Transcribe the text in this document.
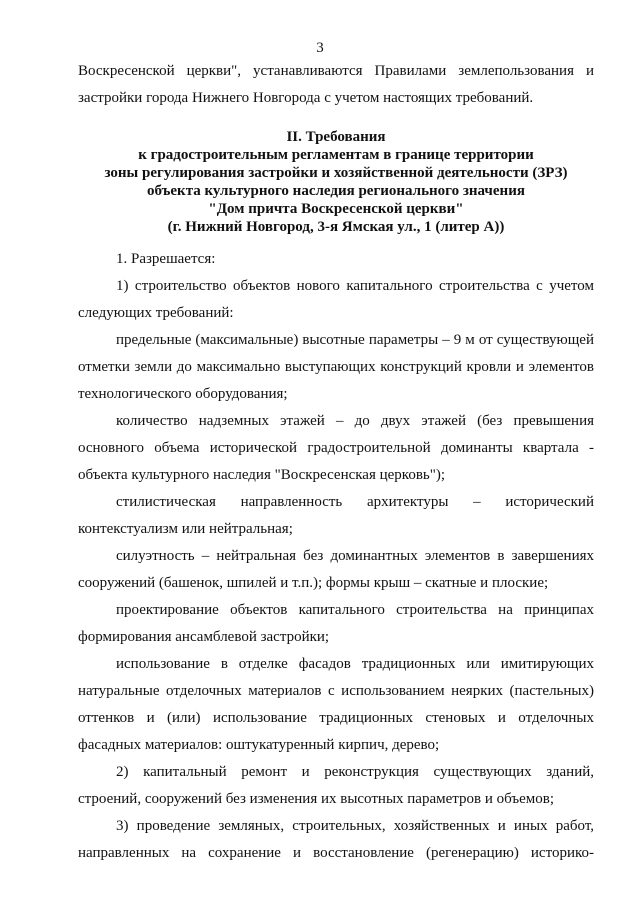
3

Воскресенской церкви", устанавливаются Правилами землепользования и

застройки города Нижнего Новгорода с учетом настоящих требований.

II. Требования
к градостроительным регламентам в границе территории
зоны регулирования застройки и хозяйственной деятельности (ЗРЗ)
объекта культурного наследия регионального значения
"Дом причта Воскресенской церкви"
(г. Нижний Новгород, 3-я Ямская ул., 1 (литер А))

1. Разрешается:

1) строительство объектов нового капитального строительства с учетом следующих требований:

предельные (максимальные) высотные параметры – 9 м от существующей отметки земли до максимально выступающих конструкций кровли и элементов технологического оборудования;

количество надземных этажей – до двух этажей (без превышения основного объема исторической градостроительной доминанты квартала - объекта культурного наследия "Воскресенская церковь");

стилистическая направленность архитектуры – исторический контекстуализм или нейтральная;

силуэтность – нейтральная без доминантных элементов в завершениях сооружений (башенок, шпилей и т.п.); формы крыш – скатные и плоские;

проектирование объектов капитального строительства на принципах формирования ансамблевой застройки;

использование в отделке фасадов традиционных или имитирующих натуральные отделочных материалов с использованием неярких (пастельных) оттенков и (или) использование традиционных стеновых и отделочных фасадных материалов: оштукатуренный кирпич, дерево;

2) капитальный ремонт и реконструкция существующих зданий, строений, сооружений без изменения их высотных параметров и объемов;

3) проведение земляных, строительных, хозяйственных и иных работ, направленных на сохранение и восстановление (регенерацию) историко-
